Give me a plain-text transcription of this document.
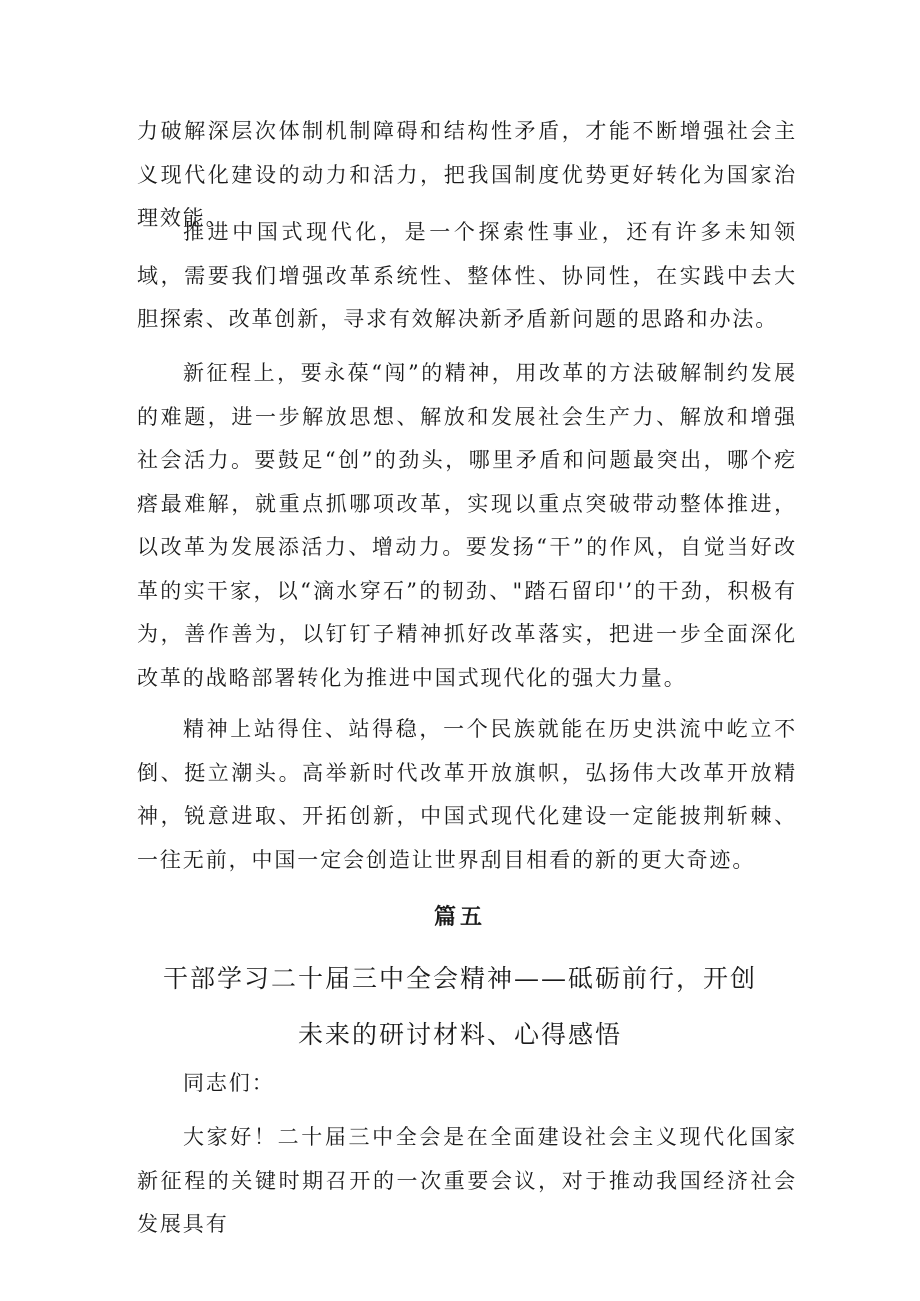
力破解深层次体制机制障碍和结构性矛盾，才能不断增强社会主义现代化建设的动力和活力，把我国制度优势更好转化为国家治理效能。

推进中国式现代化，是一个探索性事业，还有许多未知领域，需要我们增强改革系统性、整体性、协同性，在实践中去大胆探索、改革创新，寻求有效解决新矛盾新问题的思路和办法。

新征程上，要永葆“闯”的精神，用改革的方法破解制约发展的难题，进一步解放思想、解放和发展社会生产力、解放和增强社会活力。要鼓足“创”的劲头，哪里矛盾和问题最突出，哪个疙瘩最难解，就重点抓哪项改革，实现以重点突破带动整体推进，以改革为发展添活力、增动力。要发扬“干”的作风，自觉当好改革的实干家，以“滴水穿石”的韧劲、"踏石留印'’的干劲，积极有为，善作善为，以钉钉子精神抓好改革落实，把进一步全面深化改革的战略部署转化为推进中国式现代化的强大力量。

精神上站得住、站得稳，一个民族就能在历史洪流中屹立不倒、挺立潮头。高举新时代改革开放旗帜，弘扬伟大改革开放精神，锐意进取、开拓创新，中国式现代化建设一定能披荆斩棘、一往无前，中国一定会创造让世界刮目相看的新的更大奇迹。

篇五

干部学习二十届三中全会精神——砥砺前行，开创
未来的研讨材料、心得感悟

同志们：

大家好！二十届三中全会是在全面建设社会主义现代化国家新征程的关键时期召开的一次重要会议，对于推动我国经济社会发展具有
